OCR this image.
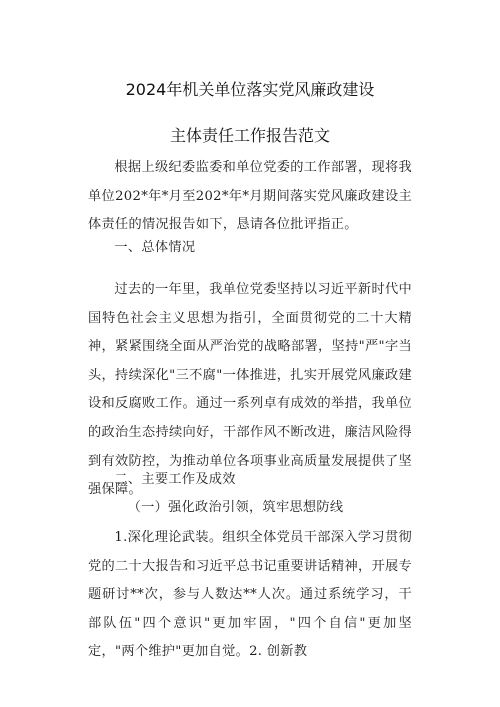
2024年机关单位落实党风廉政建设
主体责任工作报告范文
根据上级纪委监委和单位党委的工作部署，现将我单位202*年*月至202*年*月期间落实党风廉政建设主体责任的情况报告如下，恳请各位批评指正。
一、总体情况
过去的一年里，我单位党委坚持以习近平新时代中国特色社会主义思想为指引，全面贯彻党的二十大精神，紧紧围绕全面从严治党的战略部署，坚持"严"字当头，持续深化"三不腐"一体推进，扎实开展党风廉政建设和反腐败工作。通过一系列卓有成效的举措，我单位的政治生态持续向好，干部作风不断改进，廉洁风险得到有效防控，为推动单位各项事业高质量发展提供了坚强保障。
二、主要工作及成效
（一）强化政治引领，筑牢思想防线
1.深化理论武装。组织全体党员干部深入学习贯彻党的二十大报告和习近平总书记重要讲话精神，开展专题研讨**次，参与人数达**人次。通过系统学习，干部队伍"四个意识"更加牢固，"四个自信"更加坚定，"两个维护"更加自觉。2. 创新教
